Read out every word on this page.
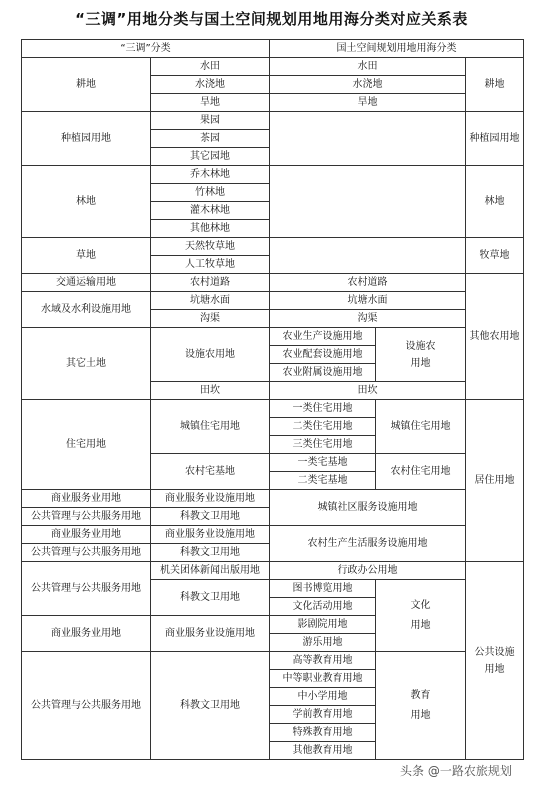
“三调”用地分类与国土空间规划用地用海分类对应关系表
“三调”分类		国土空间规划用地用海分类		
耕地	水田	水田		耕地
	水浇地	水浇地		
	旱地	旱地		
种植园用地	果园			种植园用地
	茶园			
	其它园地			
林地	乔木林地			林地
	竹林地			
	灌木林地			
	其他林地			
草地	天然牧草地			牧草地
	人工牧草地			
交通运输用地	农村道路	农村道路		其他农用地
水域及水利设施用地	坑塘水面	坑塘水面		
	沟渠	沟渠		
其它土地	设施农用地	农业生产设施用地	设施农用地	
		农业配套设施用地		
		农业附属设施用地		
	田坎	田坎		
住宅用地	城镇住宅用地	一类住宅用地	城镇住宅用地	居住用地
		二类住宅用地		
		三类住宅用地		
	农村宅基地	一类宅基地	农村住宅用地	
		二类宅基地		
商业服务业用地	商业服务业设施用地	城镇社区服务设施用地		
公共管理与公共服务用地	科教文卫用地			
商业服务业用地	商业服务业设施用地	农村生产生活服务设施用地		
公共管理与公共服务用地	科教文卫用地			
公共管理与公共服务用地	机关团体新闻出版用地	行政办公用地		公共设施用地
	科教文卫用地	图书博览用地	文化用地	
		文化活动用地		
商业服务业用地	商业服务业设施用地	影剧院用地		
		游乐用地		
公共管理与公共服务用地	科教文卫用地	高等教育用地	教育用地	
		中等职业教育用地		
		中小学用地		
		学前教育用地		
		特殊教育用地		
		其他教育用地		
头条 @一路农旅规划
